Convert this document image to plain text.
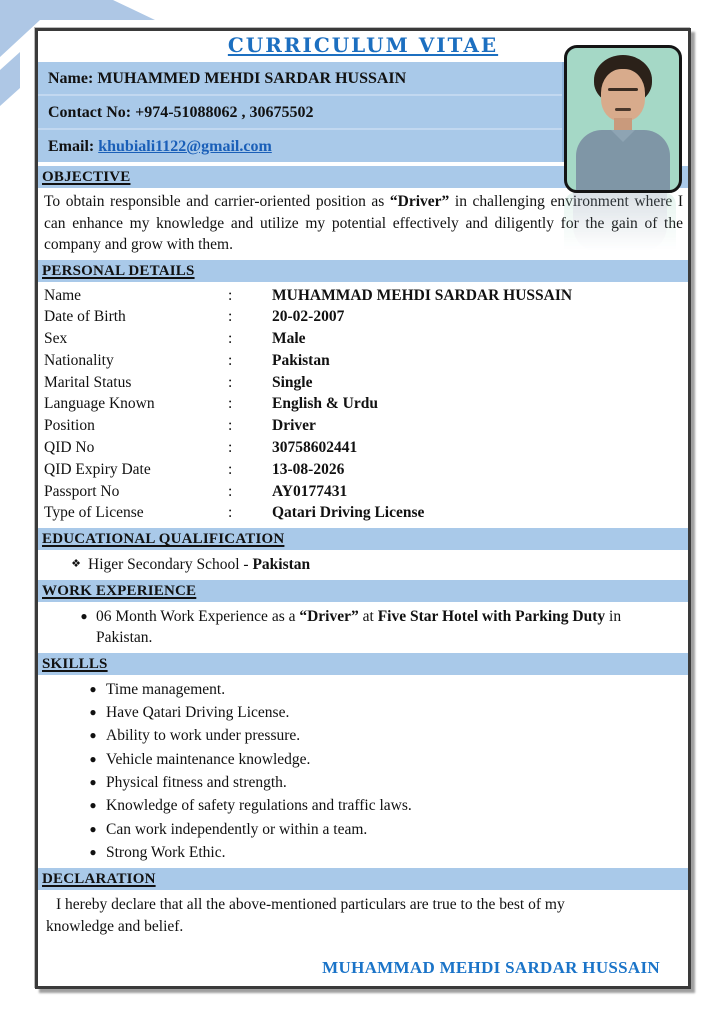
CURRICULUM VITAE
Name: MUHAMMED MEHDI SARDAR HUSSAIN
Contact No: +974-51088062 , 30675502
Email: khubiali1122@gmail.com
OBJECTIVE

To obtain responsible and carrier-oriented position as “Driver” in challenging environment where I can enhance my knowledge and utilize my potential effectively and diligently for the gain of the company and grow with them.

PERSONAL DETAILS
Name	:	MUHAMMAD MEHDI SARDAR HUSSAIN
Date of Birth	:	20-02-2007
Sex	:	Male
Nationality	:	Pakistan
Marital Status	:	Single
Language Known	:	English & Urdu
Position	:	Driver
QID No	:	30758602441
QID Expiry Date	:	13-08-2026
Passport No	:	AY0177431
Type of License	:	Qatari Driving License
EDUCATIONAL QUALIFICATION
❖ Higer Secondary School - Pakistan
WORK EXPERIENCE
● 06 Month Work Experience as a “Driver” at Five Star Hotel with Parking Duty in Pakistan.
SKILLLS
● Time management.
● Have Qatari Driving License.
● Ability to work under pressure.
● Vehicle maintenance knowledge.
● Physical fitness and strength.
● Knowledge of safety regulations and traffic laws.
● Can work independently or within a team.
● Strong Work Ethic.
DECLARATION

I hereby declare that all the above-mentioned particulars are true to the best of my knowledge and belief.

MUHAMMAD MEHDI SARDAR HUSSAIN
